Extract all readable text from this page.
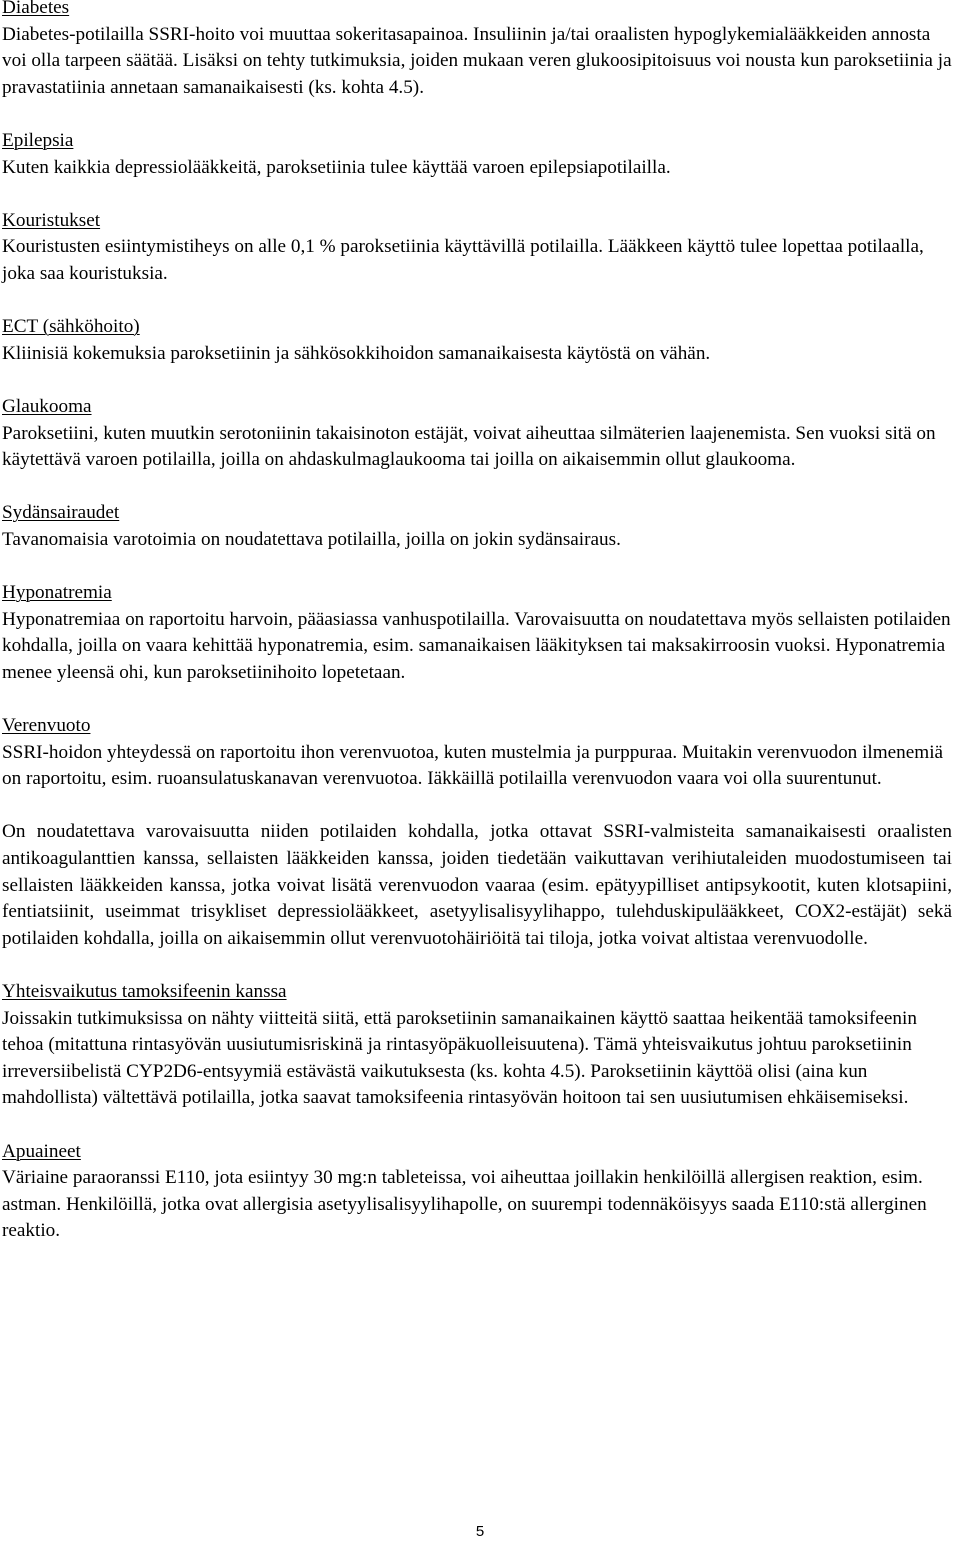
Diabetes

Diabetes-potilailla SSRI-hoito voi muuttaa sokeritasapainoa. Insuliinin ja/tai oraalisten hypoglykemialääkkeiden annosta voi olla tarpeen säätää. Lisäksi on tehty tutkimuksia, joiden mukaan veren glukoosipitoisuus voi nousta kun paroksetiinia ja pravastatiinia annetaan samanaikaisesti (ks. kohta 4.5).

Epilepsia

Kuten kaikkia depressiolääkkeitä, paroksetiinia tulee käyttää varoen epilepsiapotilailla.

Kouristukset

Kouristusten esiintymistiheys on alle 0,1 % paroksetiinia käyttävillä potilailla. Lääkkeen käyttö tulee lopettaa potilaalla, joka saa kouristuksia.

ECT (sähköhoito)

Kliinisiä kokemuksia paroksetiinin ja sähkösokkihoidon samanaikaisesta käytöstä on vähän.

Glaukooma

Paroksetiini, kuten muutkin serotoniinin takaisinoton estäjät, voivat aiheuttaa silmäterien laajenemista. Sen vuoksi sitä on käytettävä varoen potilailla, joilla on ahdaskulmaglaukooma tai joilla on aikaisemmin ollut glaukooma.

Sydänsairaudet

Tavanomaisia varotoimia on noudatettava potilailla, joilla on jokin sydänsairaus.

Hyponatremia

Hyponatremiaa on raportoitu harvoin, pääasiassa vanhuspotilailla. Varovaisuutta on noudatettava myös sellaisten potilaiden kohdalla, joilla on vaara kehittää hyponatremia, esim. samanaikaisen lääkityksen tai maksakirroosin vuoksi. Hyponatremia menee yleensä ohi, kun paroksetiinihoito lopetetaan.

Verenvuoto

SSRI-hoidon yhteydessä on raportoitu ihon verenvuotoa, kuten mustelmia ja purppuraa. Muitakin verenvuodon ilmenemiä on raportoitu, esim. ruoansulatuskanavan verenvuotoa. Iäkkäillä potilailla verenvuodon vaara voi olla suurentunut.

On noudatettava varovaisuutta niiden potilaiden kohdalla, jotka ottavat SSRI-valmisteita samanaikaisesti oraalisten antikoagulanttien kanssa, sellaisten lääkkeiden kanssa, joiden tiedetään vaikuttavan verihiutaleiden muodostumiseen tai sellaisten lääkkeiden kanssa, jotka voivat lisätä verenvuodon vaaraa (esim. epätyypilliset antipsykootit, kuten klotsapiini, fentiatsiinit, useimmat trisykliset depressiolääkkeet, asetyylisalisyylihappo, tulehduskipulääkkeet, COX2-estäjät) sekä potilaiden kohdalla, joilla on aikaisemmin ollut verenvuotohäiriöitä tai tiloja, jotka voivat altistaa verenvuodolle.

Yhteisvaikutus tamoksifeenin kanssa

Joissakin tutkimuksissa on nähty viitteitä siitä, että paroksetiinin samanaikainen käyttö saattaa heikentää tamoksifeenin tehoa (mitattuna rintasyövän uusiutumisriskinä ja rintasyöpäkuolleisuutena). Tämä yhteisvaikutus johtuu paroksetiinin irreversiibelistä CYP2D6-entsyymiä estävästä vaikutuksesta (ks. kohta 4.5). Paroksetiinin käyttöä olisi (aina kun mahdollista) vältettävä potilailla, jotka saavat tamoksifeenia rintasyövän hoitoon tai sen uusiutumisen ehkäisemiseksi.

Apuaineet

Väriaine paraoranssi E110, jota esiintyy 30 mg:n tableteissa, voi aiheuttaa joillakin henkilöillä allergisen reaktion, esim. astman. Henkilöillä, jotka ovat allergisia asetyylisalisyylihapolle, on suurempi todennäköisyys saada E110:stä allerginen reaktio.

5
